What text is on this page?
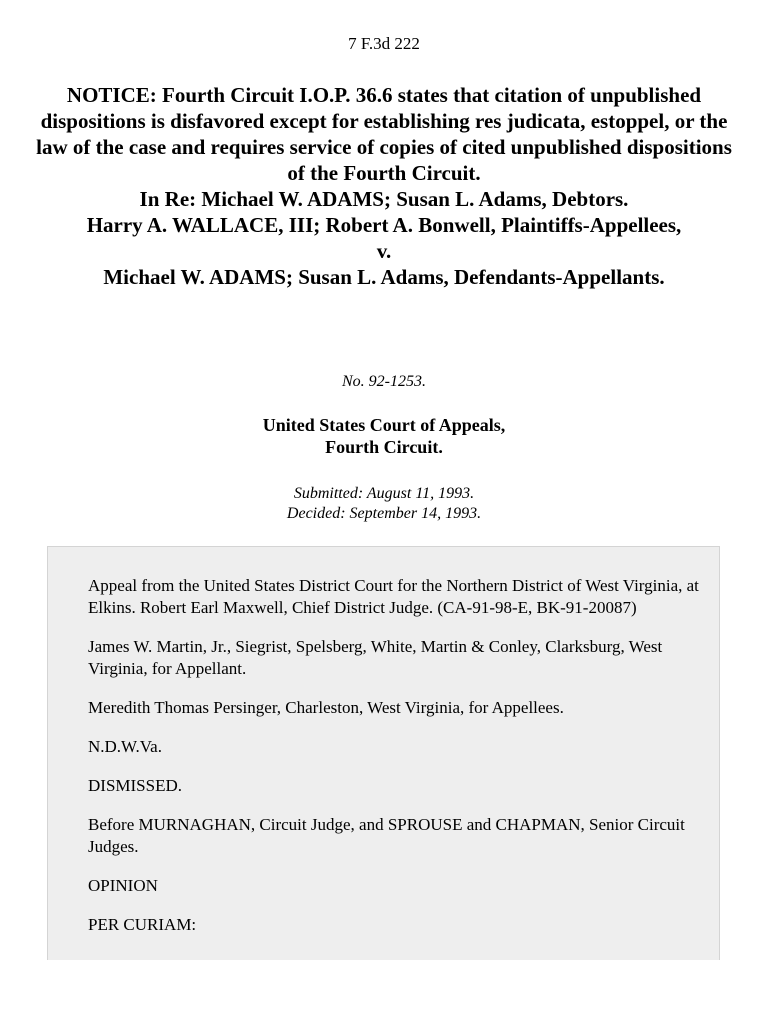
7 F.3d 222

NOTICE: Fourth Circuit I.O.P. 36.6 states that citation of unpublished dispositions is disfavored except for establishing res judicata, estoppel, or the law of the case and requires service of copies of cited unpublished dispositions of the Fourth Circuit.

In Re: Michael W. ADAMS; Susan L. Adams, Debtors.

Harry A. WALLACE, III; Robert A. Bonwell, Plaintiffs-Appellees,

v.

Michael W. ADAMS; Susan L. Adams, Defendants-Appellants.

No. 92-1253.
United States Court of Appeals,
Fourth Circuit.
Submitted: August 11, 1993.
Decided: September 14, 1993.

Appeal from the United States District Court for the Northern District of West Virginia, at Elkins. Robert Earl Maxwell, Chief District Judge. (CA-91-98-E, BK-91-20087)

James W. Martin, Jr., Siegrist, Spelsberg, White, Martin & Conley, Clarksburg, West Virginia, for Appellant.

Meredith Thomas Persinger, Charleston, West Virginia, for Appellees.

N.D.W.Va.

DISMISSED.

Before MURNAGHAN, Circuit Judge, and SPROUSE and CHAPMAN, Senior Circuit Judges.

OPINION

PER CURIAM:
